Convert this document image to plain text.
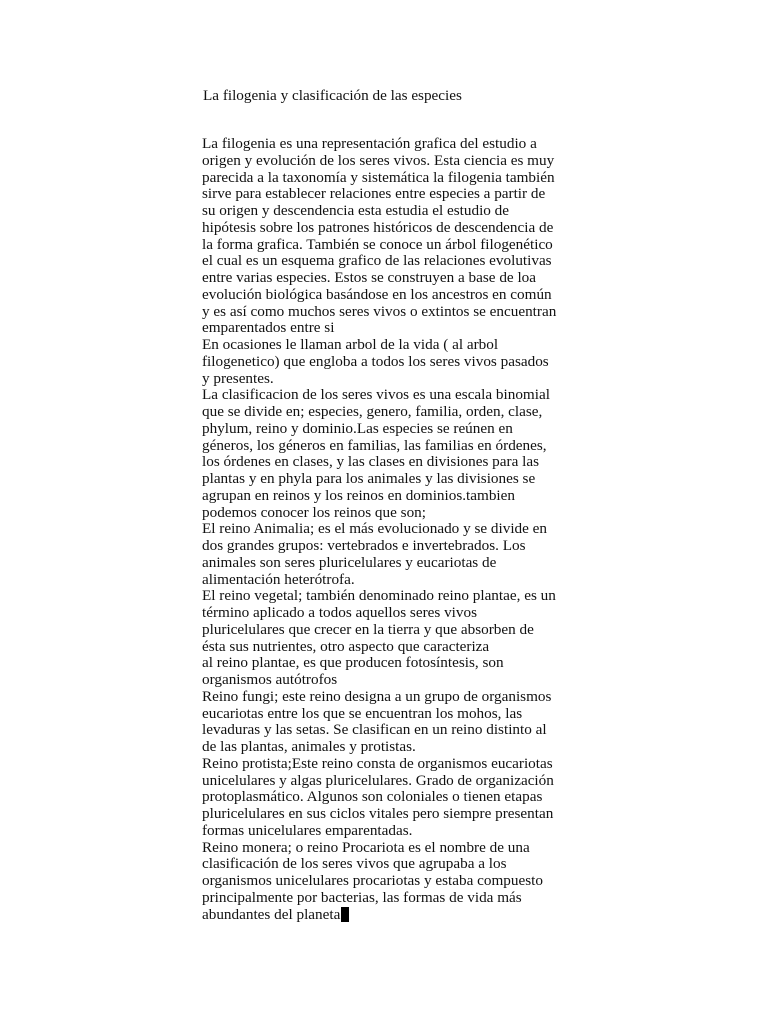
La filogenia y clasificación de las especies
La filogenia es una representación grafica del estudio a
origen y evolución de los seres vivos. Esta ciencia es muy
parecida a la taxonomía y sistemática la filogenia también
sirve para establecer relaciones entre especies a partir de
su origen y descendencia esta estudia el estudio de
hipótesis sobre los patrones históricos de descendencia de
la forma grafica. También se conoce un árbol filogenético
el cual es un esquema grafico de las relaciones evolutivas
entre varias especies. Estos se construyen a base de loa
evolución biológica basándose en los ancestros en común
y es así como muchos seres vivos o extintos se encuentran
emparentados entre si
En ocasiones le llaman arbol de la vida ( al arbol
filogenetico) que engloba a todos los seres vivos pasados
y presentes.
La clasificacion de los seres vivos es una escala binomial
que se divide en; especies, genero, familia, orden, clase,
phylum, reino y dominio.Las especies se reúnen en
géneros, los géneros en familias, las familias en órdenes,
los órdenes en clases, y las clases en divisiones para las
plantas y en phyla para los animales y las divisiones se
agrupan en reinos y los reinos en dominios.tambien
podemos conocer los reinos que son;
El reino Animalia; es el más evolucionado y se divide en
dos grandes grupos: vertebrados e invertebrados. Los
animales son seres pluricelulares y eucariotas de
alimentación heterótrofa.
El reino vegetal; también denominado reino plantae, es un
término aplicado a todos aquellos seres vivos
pluricelulares que crecer en la tierra y que absorben de
ésta sus nutrientes, otro aspecto que caracteriza
al reino plantae, es que producen fotosíntesis, son
organismos autótrofos
Reino fungi; este reino designa a un grupo de organismos
eucariotas entre los que se encuentran los mohos, las
levaduras y las setas. Se clasifican en un reino distinto al
de las plantas, animales y protistas.
Reino protista;Este reino consta de organismos eucariotas
unicelulares y algas pluricelulares. Grado de organización
protoplasmático. Algunos son coloniales o tienen etapas
pluricelulares en sus ciclos vitales pero siempre presentan
formas unicelulares emparentadas.
Reino monera; o reino Procariota es el nombre de una
clasificación de los seres vivos que agrupaba a los
organismos unicelulares procariotas y estaba compuesto
principalmente por bacterias, las formas de vida más
abundantes del planeta
